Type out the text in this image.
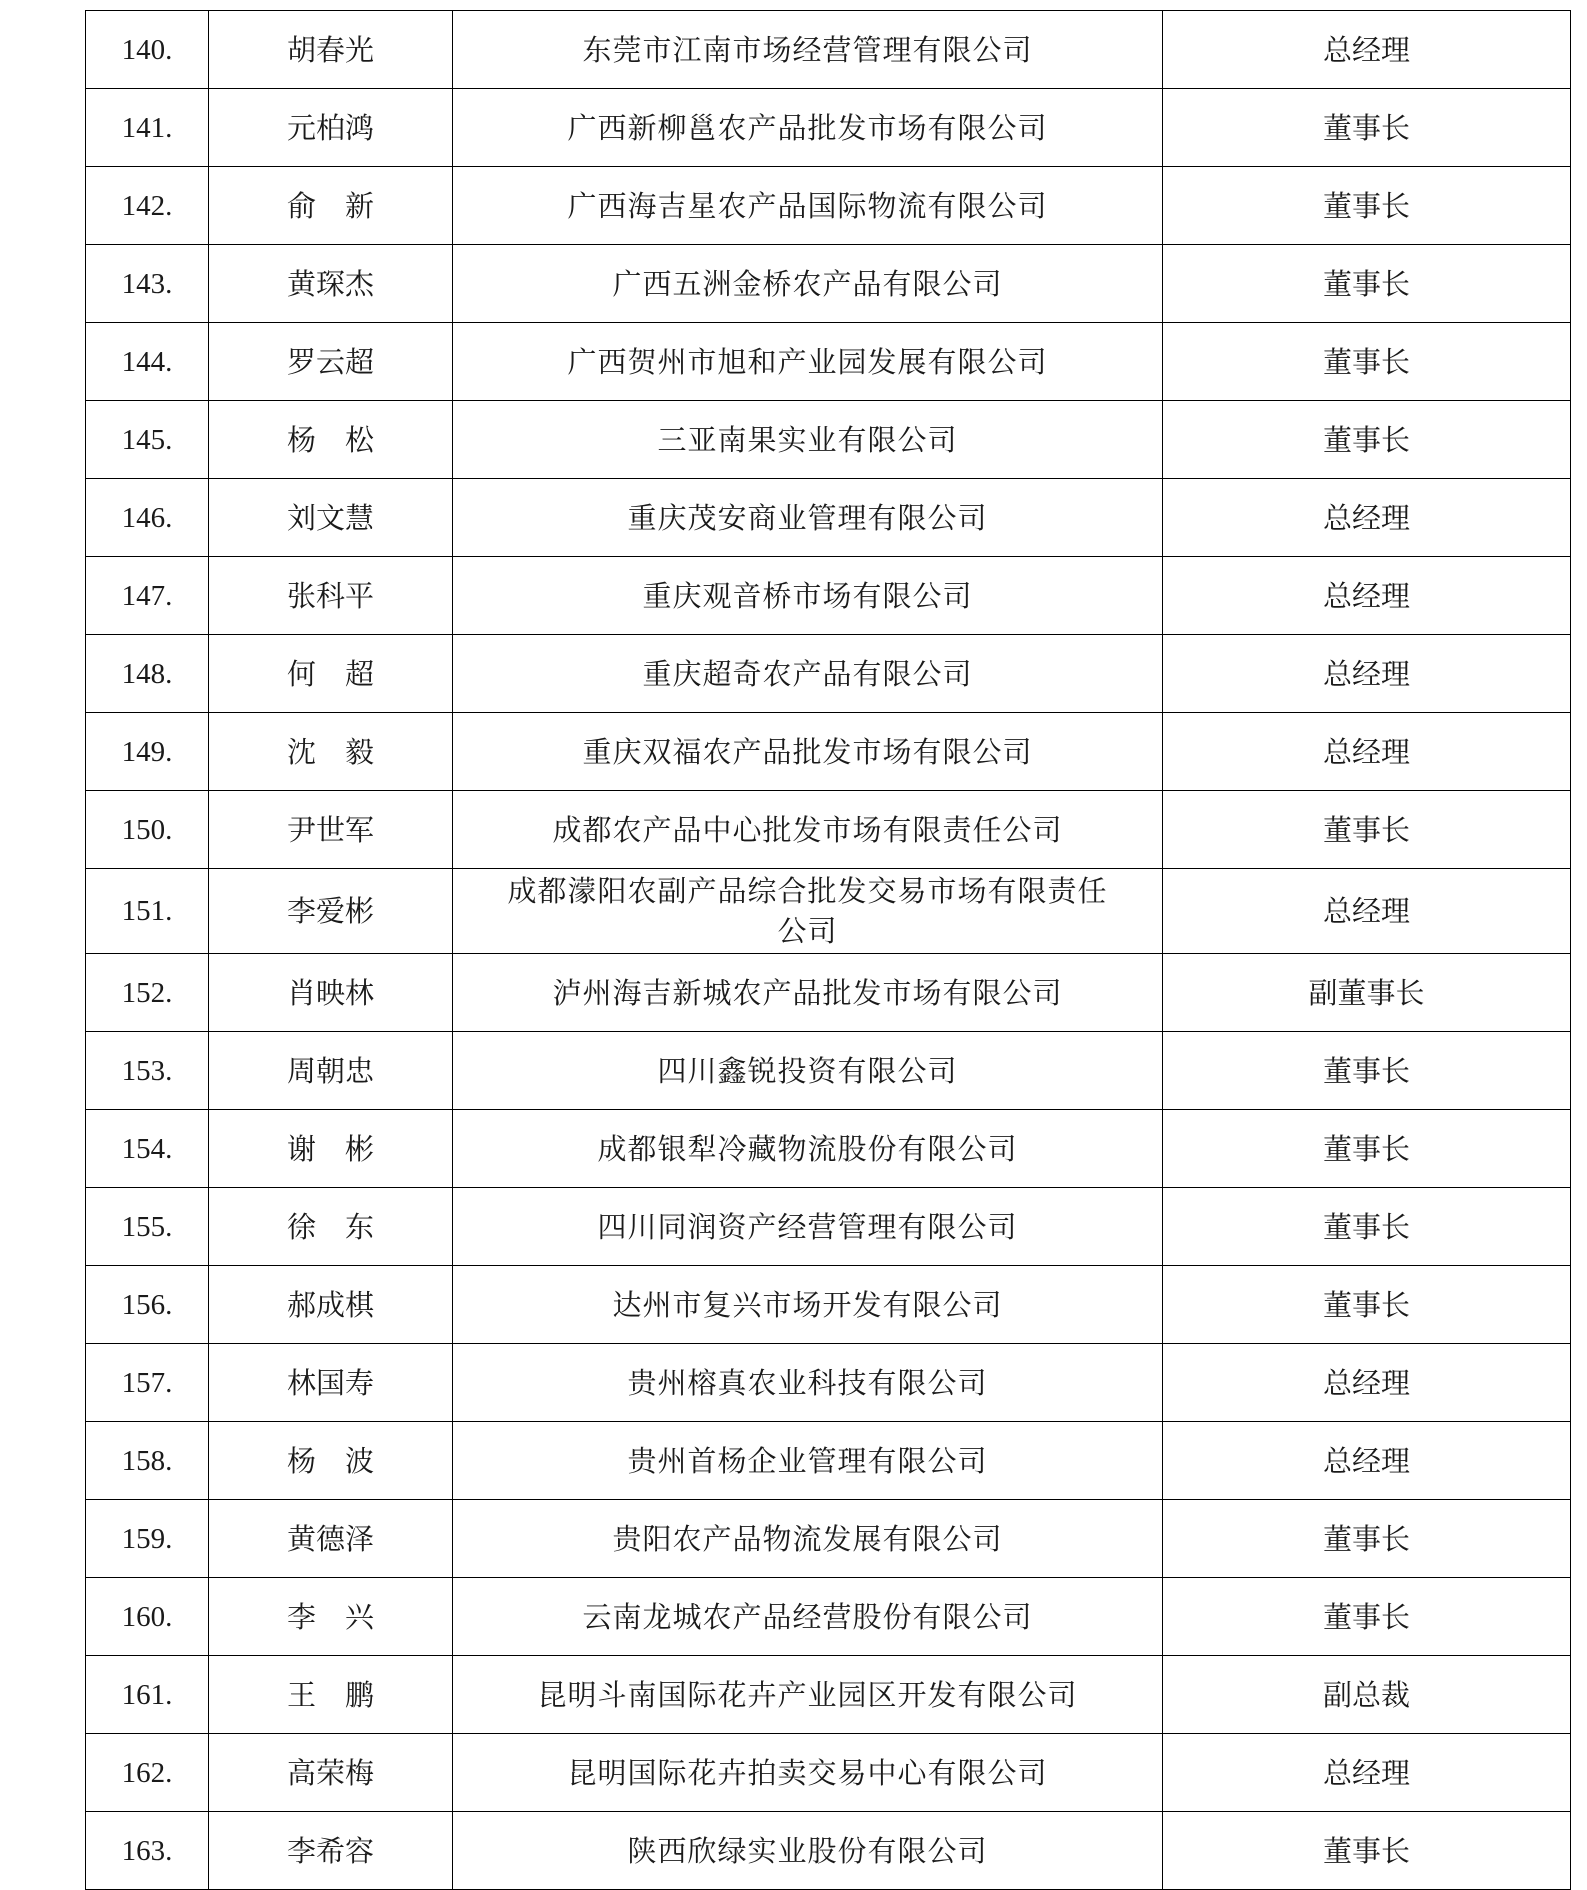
140.	胡春光	东莞市江南市场经营管理有限公司	总经理
141.	元柏鸿	广西新柳邕农产品批发市场有限公司	董事长
142.	俞　新	广西海吉星农产品国际物流有限公司	董事长
143.	黄琛杰	广西五洲金桥农产品有限公司	董事长
144.	罗云超	广西贺州市旭和产业园发展有限公司	董事长
145.	杨　松	三亚南果实业有限公司	董事长
146.	刘文慧	重庆茂安商业管理有限公司	总经理
147.	张科平	重庆观音桥市场有限公司	总经理
148.	何　超	重庆超奇农产品有限公司	总经理
149.	沈　毅	重庆双福农产品批发市场有限公司	总经理
150.	尹世军	成都农产品中心批发市场有限责任公司	董事长
151.	李爱彬	成都濛阳农副产品综合批发交易市场有限责任公司	总经理
152.	肖映林	泸州海吉新城农产品批发市场有限公司	副董事长
153.	周朝忠	四川鑫锐投资有限公司	董事长
154.	谢　彬	成都银犁冷藏物流股份有限公司	董事长
155.	徐　东	四川同润资产经营管理有限公司	董事长
156.	郝成棋	达州市复兴市场开发有限公司	董事长
157.	林国寿	贵州榕真农业科技有限公司	总经理
158.	杨　波	贵州首杨企业管理有限公司	总经理
159.	黄德泽	贵阳农产品物流发展有限公司	董事长
160.	李　兴	云南龙城农产品经营股份有限公司	董事长
161.	王　鹏	昆明斗南国际花卉产业园区开发有限公司	副总裁
162.	高荣梅	昆明国际花卉拍卖交易中心有限公司	总经理
163.	李希容	陕西欣绿实业股份有限公司	董事长
